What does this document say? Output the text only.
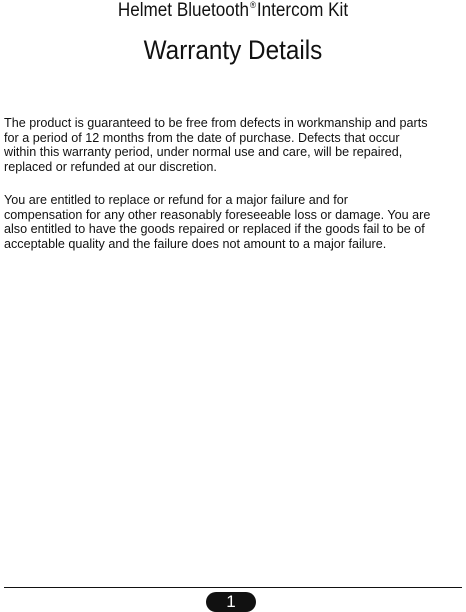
Helmet Bluetooth®Intercom Kit
Warranty Details
The product is guaranteed to be free from defects in workmanship and parts
for a period of 12 months from the date of purchase. Defects that occur
within this warranty period, under normal use and care, will be repaired,
replaced or refunded at our discretion.
You are entitled to replace or refund for a major failure and for
compensation for any other reasonably foreseeable loss or damage. You are
also entitled to have the goods repaired or replaced if the goods fail to be of
acceptable quality and the failure does not amount to a major failure.
1
